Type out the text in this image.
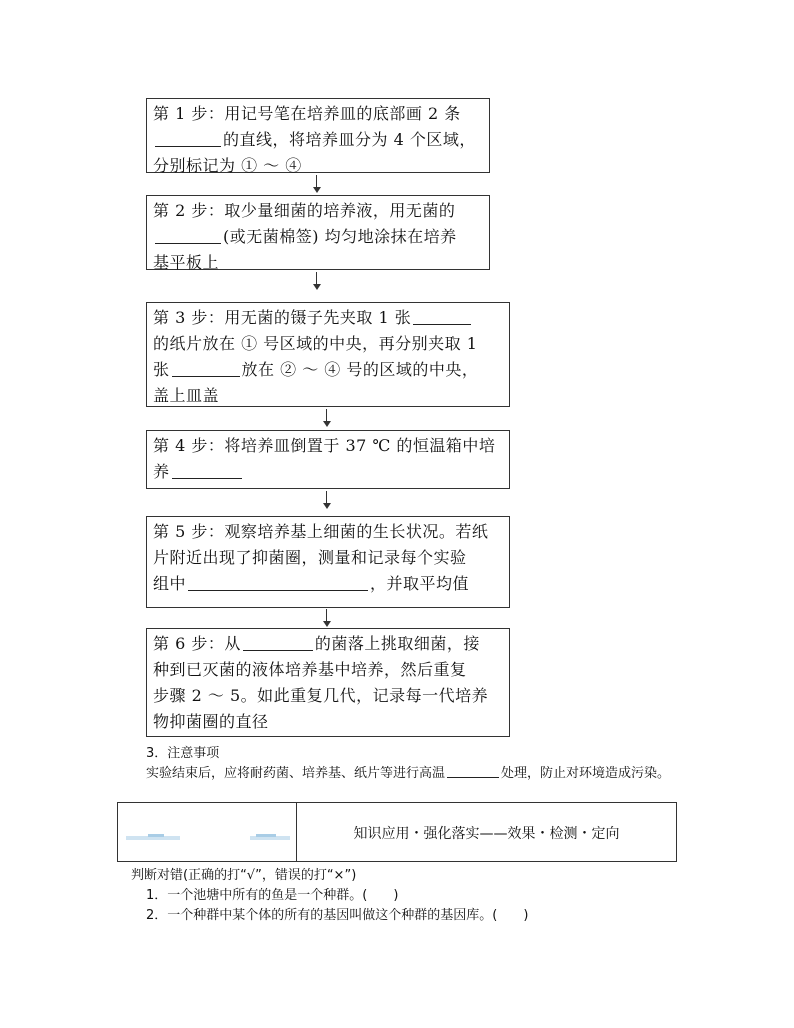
第 1 步：用记号笔在培养皿的底部画 2 条
的直线，将培养皿分为 4 个区域，
分别标记为 ① ～ ④
第 2 步：取少量细菌的培养液，用无菌的
(或无菌棉签) 均匀地涂抹在培养
基平板上
第 3 步：用无菌的镊子先夹取 1 张
的纸片放在 ① 号区域的中央，再分别夹取 1
张	放在 ② ～ ④ 号的区域的中央，
盖上皿盖
第 4 步：将培养皿倒置于 37 ℃ 的恒温箱中培
养
第 5 步：观察培养基上细菌的生长状况。若纸
片附近出现了抑菌圈，测量和记录每个实验
组中	，并取平均值
第 6 步：从	的菌落上挑取细菌，接
种到已灭菌的液体培养基中培养，然后重复
步骤 2 ～ 5。如此重复几代，记录每一代培养
物抑菌圈的直径
3．注意事项
实验结束后，应将耐药菌、培养基、纸片等进行高温	处理，防止对环境造成污染。
知识应用・强化落实——效果・检测・定向
判断对错(正确的打“√”，错误的打“×”)
1．一个池塘中所有的鱼是一个种群。(　　)
2．一个种群中某个体的所有的基因叫做这个种群的基因库。(　　)
